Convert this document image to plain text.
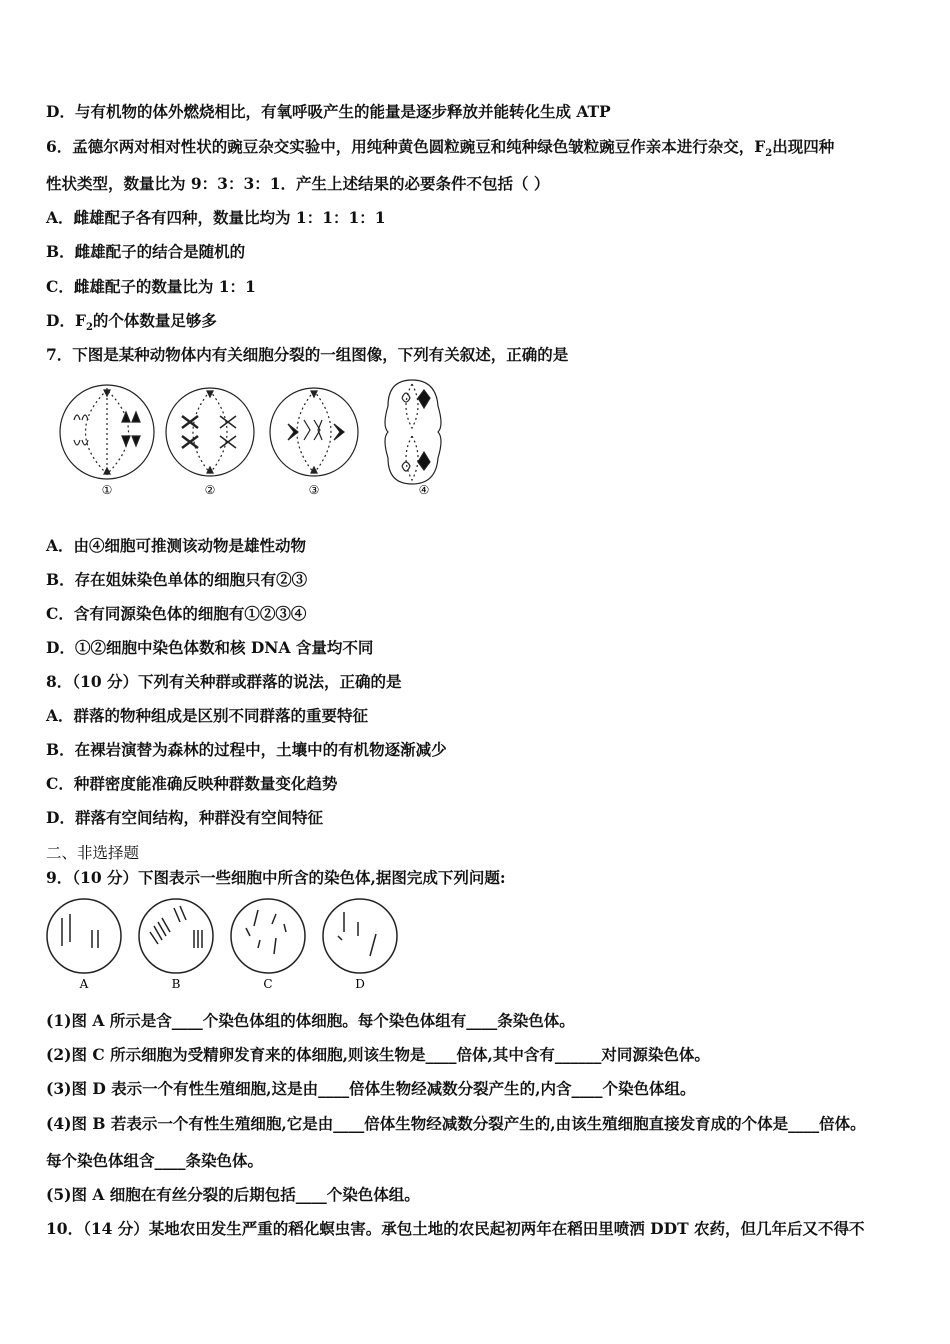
D．与有机物的体外燃烧相比，有氧呼吸产生的能量是逐步释放并能转化生成 ATP
6．孟德尔两对相对性状的豌豆杂交实验中，用纯种黄色圆粒豌豆和纯种绿色皱粒豌豆作亲本进行杂交，$F_2$出现四种
性状类型，数量比为 9：3：3：1．产生上述结果的必要条件不包括（ ）
A．雌雄配子各有四种，数量比均为 1：1：1：1
B．雌雄配子的结合是随机的
C．雌雄配子的数量比为 1：1
D．$F_2$的个体数量足够多
7．下图是某种动物体内有关细胞分裂的一组图像，下列有关叙述，正确的是
①	②	③	④
A．由④细胞可推测该动物是雄性动物
B．存在姐妹染色单体的细胞只有②③
C．含有同源染色体的细胞有①②③④
D．①②细胞中染色体数和核 DNA 含量均不同
8．（10 分）下列有关种群或群落的说法，正确的是
A．群落的物种组成是区别不同群落的重要特征
B．在裸岩演替为森林的过程中，土壤中的有机物逐渐减少
C．种群密度能准确反映种群数量变化趋势
D．群落有空间结构，种群没有空间特征
二、非选择题
9．（10 分）下图表示一些细胞中所含的染色体,据图完成下列问题:
A	B	C	D
(1)图 A 所示是含____个染色体组的体细胞。每个染色体组有____条染色体。
(2)图 C 所示细胞为受精卵发育来的体细胞,则该生物是____倍体,其中含有______对同源染色体。
(3)图 D 表示一个有性生殖细胞,这是由____倍体生物经减数分裂产生的,内含____个染色体组。
(4)图 B 若表示一个有性生殖细胞,它是由____倍体生物经减数分裂产生的,由该生殖细胞直接发育成的个体是____倍体。
每个染色体组含____条染色体。
(5)图 A 细胞在有丝分裂的后期包括____个染色体组。
10．（14 分）某地农田发生严重的稻化螟虫害。承包土地的农民起初两年在稻田里喷洒 DDT 农药，但几年后又不得不
